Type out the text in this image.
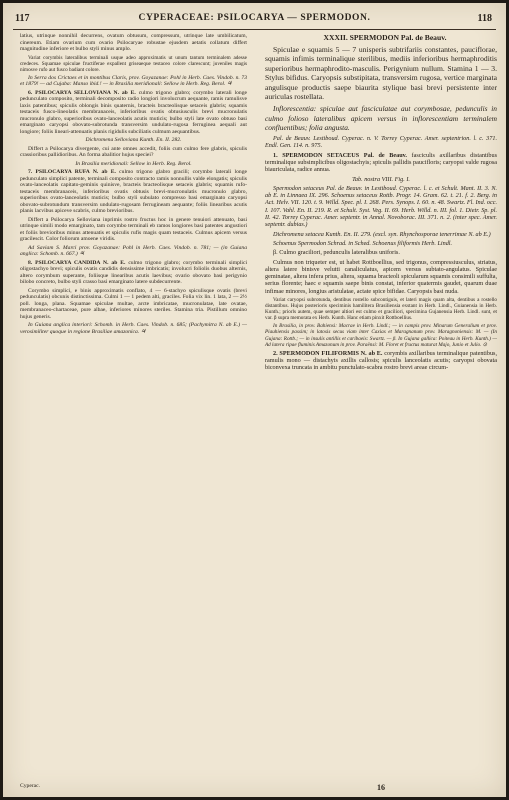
117	CYPERACEAE: PSILOCARYA — SPERMODON.	118

latius, utrinque nonnihil decurrens, ovatum obtusum, compressum, utrinque late umbilicatum, cinereum. Etiam ovarium cum ovario Psilocaryae robustae ejusdem aetatis collatum differt magnitudine inferiore et bulbo styli minus amplo.

Variat corymbis lateralibus terminali usque adeo approximatis ut unum tantum terminalem adesse credeces. Squamae spiculae fructiferae expallent griseaeque testaceo colore clarescunt; juveniles magis nimosve rufo aut fusco badiant colore.

In Serra dos Crictaes et in montibus Claris, prov. Goyazanae: Pohl in Herb. Caes. Vindob. n. 73 et 1879! — ad Cujaba: Manso ibid.! — in Brasilia meridionali: Sellow in Herb. Reg. Berol. ♃

6. PSILOCARYA SELLOVIANA N. ab E. culmo trigono glabro; corymbo laterali longe pedunculato composito, terminali decomposito radio longiori involucrum aequante, ramis ramulisve laxis patentibus; spiculis oblongis binis quaternis, bracteis bracteolisque setaceis glabris; squamis testaceis fusco-lineolatis membranaceis, inferioribus ovatis obtusiusculis brevi mucronulatis mucronulo glabro, superioribus ovato-lanceolatis acutis muticis; bulbo styli late ovato obtuso basi emarginato caryopsi obovato-subrotunda transversim undulato-rugosa ferruginea aequali aut longiore; foliis lineari-attenuatis planis rigidulis subciliatis culmum aequantibus.

Dichromena Selloviana Kunth. En. II. 282.

Differt a Psilocarya divergente, cui ante omnes accedit, foliis cum culmo fere glabris, spiculis crassioribus pallidioribus. An forma abalitior hujus speciei?

In Brasilia meridionali: Sellow in Herb. Reg. Berol.

7. PSILOCARYA RUFA N. ab E. culmo trigono glabro gracili; corymbo laterali longe pedunculato simplici patente, terminali composito contracto ramis nonnullis valde elongatis; spiculis ovato-lanceolatis capitato-geminis quinisve, bracteis bracteolisque setaceis glabris; squamis rufo-testaceis membranaceis, inferioribus ovatis obtusis brevi-mucronulatis mucronulo glabro, superioribus ovato-lanceolatis muticis; bulbo styli subulato compresso basi emarginato caryopsi obovato-subrotundum transversim undulato-rugosam ferrugineam aequante; foliis linearibus acutis planis lacvibus apiceve scabris, culmo brevioribus.

Differt a Psilocarya Selloviana inprimis rostro fructus hoc in genere tenuiori attenuato, basi utrinque simili modo emarginato, tam corymbo terminali eb ramos longiores basi patentes angustiori et foliis brevioribus minus attenuatis et spiculis rufis magis quam testaceis. Culmus apicem versus gracilescit. Color foliorum amoene viridis.

Ad Saviam S. Marci prov. Goyazanae: Pohl in Herb. Caes. Vindob. n. 781; — (in Guiana anglica: Schomb. n. 667.) ♃

8. PSILOCARYA CANDIDA N. ab E. culmo trigono glabro; corymbo terminali simplici oligostachyo brevi; spiculis ovatis candidis densissime imbricatis; involucri foliolis duobus alternis, altero corymbum superante, foliisque linearibus acutis laevibus; ovario obovato basi perigynio bilobo concreto, bulbo styli crasso basi emarginato latere subdecurrente.

Corymbo simplici, e binis approximatis conflato, 4 — 6-stachyo spiculisque ovatis (brevi pedunculatis) obcunis distinctissima. Culmi 1 — 1 pedem alti, graciles. Folia vix lin. 1 lata, 2 — 2½ poll. longa, plana. Squamae spiculae multae, arcte imbricatae, mucronulatae, late ovatae, membranaceo-chartaceae, pure albae, inferiores minores steriles. Stamina tria. Pistillum omnino hujus generis.

In Guiana anglica interiori: Schomb. in Herb. Caes. Vindob. n. 685; (Pachymitra N. ab E.) — verosimiliter quoque in regione Brasiliae amazonica. ♃

Cyperac.

XXXII. SPERMODON Pal. de Beauv.

Spiculae e squamis 5 — 7 unisperis subtrifariis constantes, pauciflorae, squamis infimis terminalique sterilibus, mediis inferioribus hermaphroditis superioribus hermaphrodito-masculis. Perigynium nullum. Stamina 1 — 3. Stylus bifidus. Caryopsis substipitata, transversim rugosa, vertice marginata angulisque productis saepe biaurita stylique basi brevi persistente inter auriculas rostellata.

Inflorescentia: spiculae aut fasciculatae aut corymbosae, pedunculis in culmo folioso lateralibus apicem versus in inflorescentiam terminalem confluentibus; folia angusta.

Pal. de Beauv. Lestiboud. Cyperac. n. V. Torrey Cyperac. Amer. septentrion. l. c. 371. Endl. Gen. 114. n. 975.

1. SPERMODON SETACEUS Pal. de Beauv. fasciculis axillaribus distantibus terminalique subsimplicibus oligostachyis; spiculis pallidis paucifloris; caryopsi valde rugosa biauriculata, radice annua.

Tab. nostra VIII. Fig. I.

Spermodon setaceus Pal. de Beauv. in Lestiboud. Cyperac. l. c. et Schult. Mant. II. 3. N. ab E. in Linnaea IX. 296. Schoenus setaceus Rottb. Progr. 14. Gram. 62. t. 21. f. 2. Berg. in Act. Helv. VII. 120. t. 9. Willd. Spec. pl. I. 268. Pers. Synops. I. 60. n. 48. Swartz. Fl. Ind. occ. I. 107. Vahl. En. II. 219. R. et Schult. Syst. Veg. II. 69. Herb. Willd. n. III. fol. 1. Dietr. Sp. pl. II. 42. Torrey Cyperac. Amer. septentr. in Annal. Novoborac. III. 371. n. 2. (inter spec. Amer. septentr. dubias.)

Dichromena setacea Kunth. En. II. 279. (excl. syn. Rhynchosporae tenerrimae N. ab E.)

Schoenus Spermodon Schrad. in Sched. Schoenus filiformis Herb. Lindl.

β. Culmo graciliori, pedunculis lateralibus uniforis.

Culmus non triqueter est, ut habet Rottboellius, sed trigonus, compressiusculus, striatus, altera latere binisve velutti canaliculatus, apicem versus subtato-angulatus. Spiculae geminatae, altera infera prius, altera, squama bracteoli spicularum squamis consimili suffulta, serius florente; haec e squamis saepe binis constat, inferior quatermis gaudet, quarum duae infimae minores, longius aristulatae, actate spice bifidae. Caryopsis basi nuda.

Variat caryopsi subrotunda, dentibus rostello subcontiguis, et lateri magis quam alta, dentibus a rostello distantibus. Hujus posterioris speciminis hamilitera Brasiliensia exstant in Herb. Lindl., Guianensia in Herb. Kunth.; priorls autem, quae semper altiori est culmo et graciliori, specimina Gujanensia Herb. Lindl. sunt, et var. β supra memorata ex Herb. Kunth. Hanc etiam pinxit Rottboellius.

In Brasilia, in prov. Bahiensi: Macrae in Herb. Lindl.; — in campis prov. Minarum Generalium et prov. Piauhiensis passim; in latosis secus viam inter Caxias et Maragnanum prov. Maragnoniensis: M. — (In Gujana: Rottb.; — in insulis antillis et caribaeis: Swartz. — β. In Gujana gallica: Poiteau in Herb. Kunth.) — Ad latera ripae fluminis Amazonum in prov. Paraënsi: M. Floret et fructus maturat Majo, Junio et Julio. ⊙

2. SPERMODON FILIFORMIS N. ab E. corymbis axillaribus terminalique patentibus, ramulis mono — distachyis axillis callosis; spiculis lanceolatis acutis; caryopsi obovata biconvexa truncata in ambitu punctulato-scabra rostro brevi areae circum-

16
